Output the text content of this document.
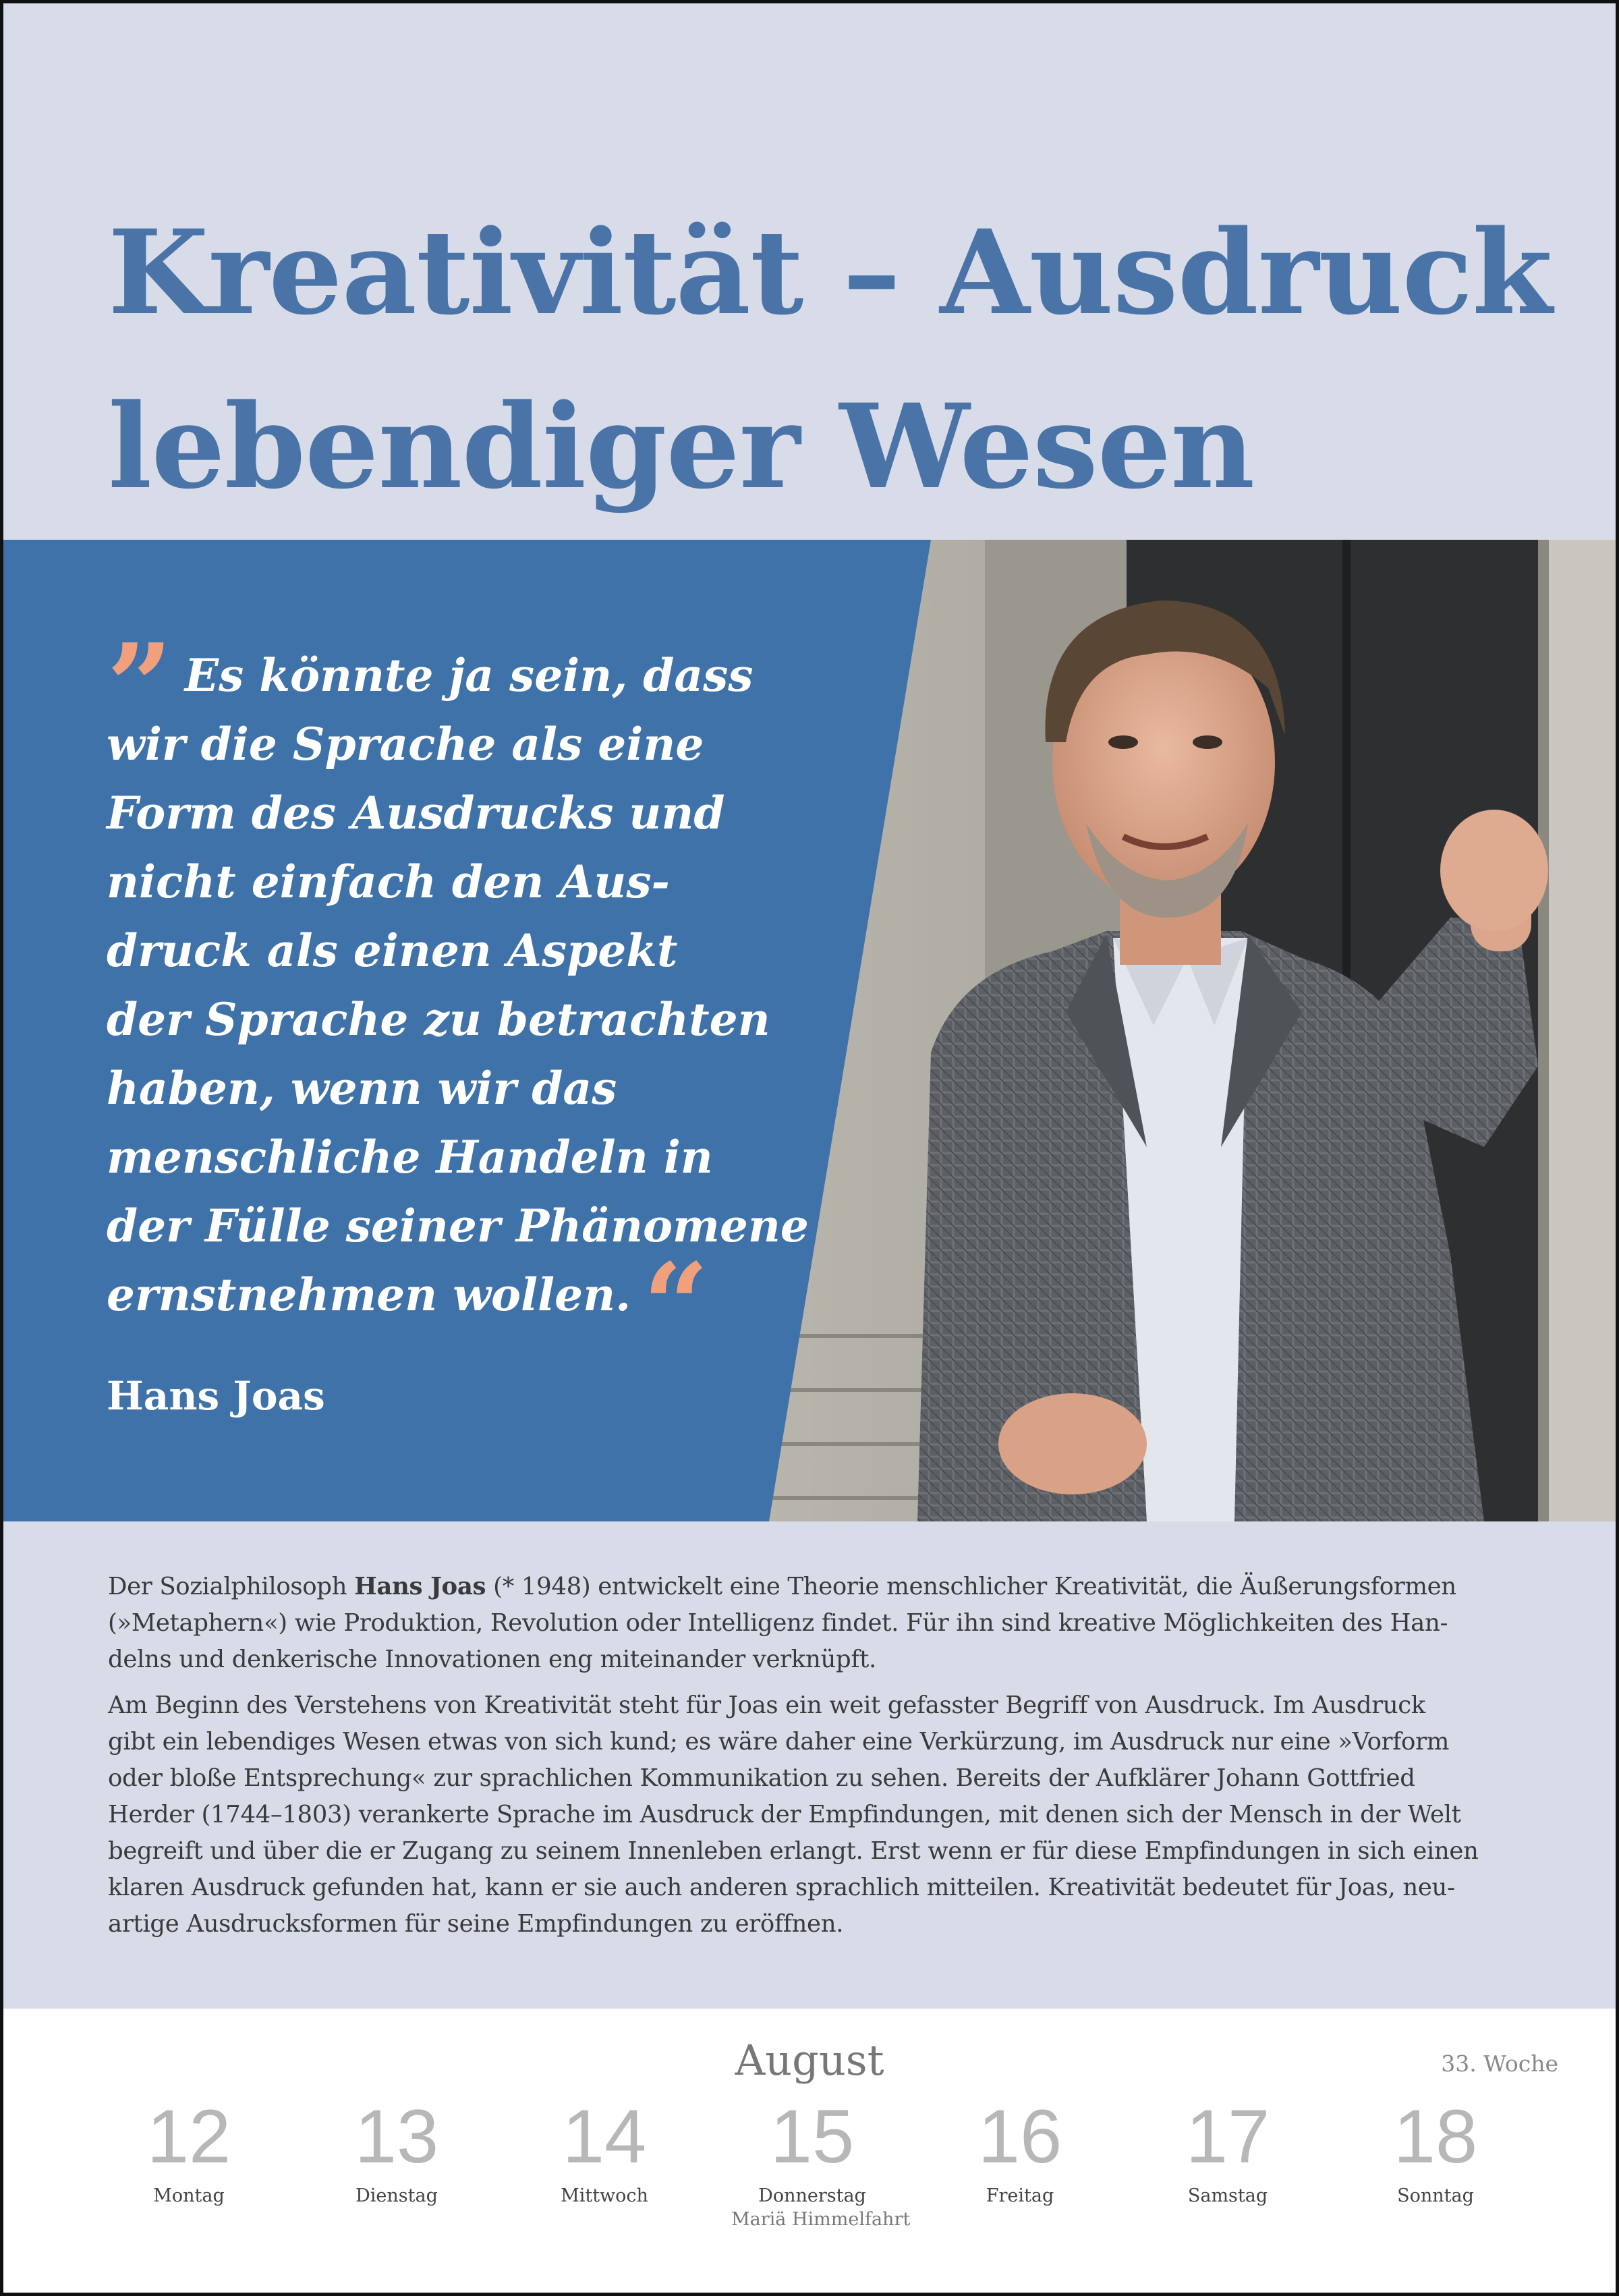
Kreativität – Ausdruck
lebendiger Wesen
” Es könnte ja sein, dass
wir die Sprache als eine
Form des Ausdrucks und
nicht einfach den Aus-
druck als einen Aspekt
der Sprache zu betrachten
haben, wenn wir das
menschliche Handeln in
der Fülle seiner Phänomene
ernstnehmen wollen. “
Hans Joas

Der Sozialphilosoph Hans Joas (* 1948) entwickelt eine Theorie menschlicher Kreativität, die Äußerungsformen
(»Metaphern«) wie Produktion, Revolution oder Intelligenz findet. Für ihn sind kreative Möglichkeiten des Han-
delns und denkerische Innovationen eng miteinander verknüpft.

Am Beginn des Verstehens von Kreativität steht für Joas ein weit gefasster Begriff von Ausdruck. Im Ausdruck
gibt ein lebendiges Wesen etwas von sich kund; es wäre daher eine Verkürzung, im Ausdruck nur eine »Vorform
oder bloße Entsprechung« zur sprachlichen Kommunikation zu sehen. Bereits der Aufklärer Johann Gottfried
Herder (1744–1803) verankerte Sprache im Ausdruck der Empfindungen, mit denen sich der Mensch in der Welt
begreift und über die er Zugang zu seinem Innenleben erlangt. Erst wenn er für diese Empfindungen in sich einen
klaren Ausdruck gefunden hat, kann er sie auch anderen sprachlich mitteilen. Kreativität bedeutet für Joas, neu-
artige Ausdrucksformen für seine Empfindungen zu eröffnen.

August	33. Woche
12
Montag
13
Dienstag
14
Mittwoch
15
Donnerstag
Mariä Himmelfahrt
16
Freitag
17
Samstag
18
Sonntag
